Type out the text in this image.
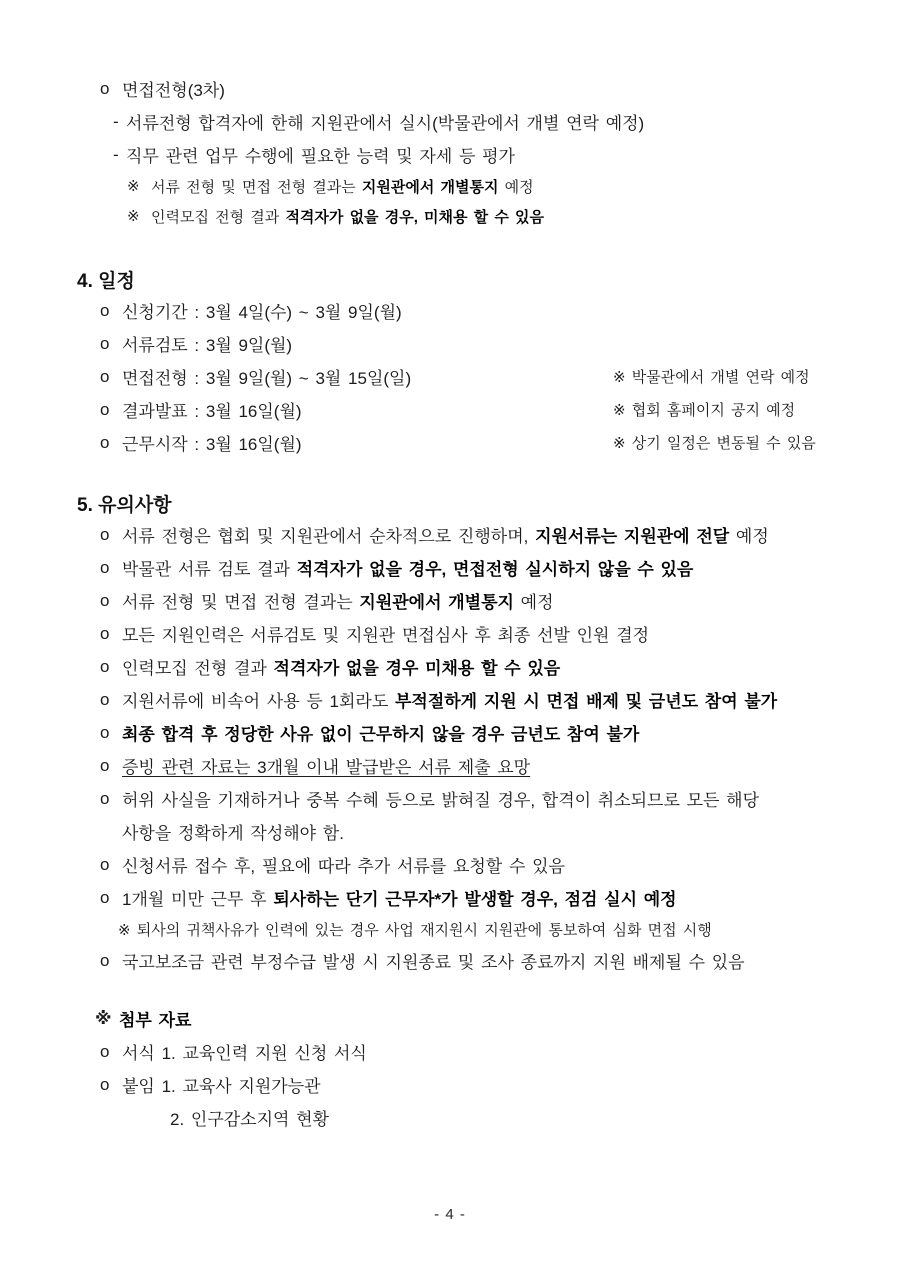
o 면접전형(3차)
- 서류전형 합격자에 한해 지원관에서 실시(박물관에서 개별 연락 예정)
- 직무 관련 업무 수행에 필요한 능력 및 자세 등 평가
※ 서류 전형 및 면접 전형 결과는 지원관에서 개별통지 예정
※ 인력모집 전형 결과 적격자가 없을 경우, 미채용 할 수 있음
4. 일정
o 신청기간 : 3월 4일(수) ~ 3월 9일(월)
o 서류검토 : 3월 9일(월)
o 면접전형 : 3월 9일(월) ~ 3월 15일(일)	※ 박물관에서 개별 연락 예정
o 결과발표 : 3월 16일(월)	※ 협회 홈페이지 공지 예정
o 근무시작 : 3월 16일(월)	※ 상기 일정은 변동될 수 있음
5. 유의사항
o 서류 전형은 협회 및 지원관에서 순차적으로 진행하며, 지원서류는 지원관에 전달 예정
o 박물관 서류 검토 결과 적격자가 없을 경우, 면접전형 실시하지 않을 수 있음
o 서류 전형 및 면접 전형 결과는 지원관에서 개별통지 예정
o 모든 지원인력은 서류검토 및 지원관 면접심사 후 최종 선발 인원 결정
o 인력모집 전형 결과 적격자가 없을 경우 미채용 할 수 있음
o 지원서류에 비속어 사용 등 1회라도 부적절하게 지원 시 면접 배제 및 금년도 참여 불가
o 최종 합격 후 정당한 사유 없이 근무하지 않을 경우 금년도 참여 불가
o 증빙 관련 자료는 3개월 이내 발급받은 서류 제출 요망
o 허위 사실을 기재하거나 중복 수혜 등으로 밝혀질 경우, 합격이 취소되므로 모든 해당
사항을 정확하게 작성해야 함.
o 신청서류 접수 후, 필요에 따라 추가 서류를 요청할 수 있음
o 1개월 미만 근무 후 퇴사하는 단기 근무자*가 발생할 경우, 점검 실시 예정
※ 퇴사의 귀책사유가 인력에 있는 경우 사업 재지원시 지원관에 통보하여 심화 면접 시행
o 국고보조금 관련 부정수급 발생 시 지원종료 및 조사 종료까지 지원 배제될 수 있음
※ 첨부 자료
o 서식 1. 교육인력 지원 신청 서식
o 붙임 1. 교육사 지원가능관
2. 인구감소지역 현황
- 4 -
